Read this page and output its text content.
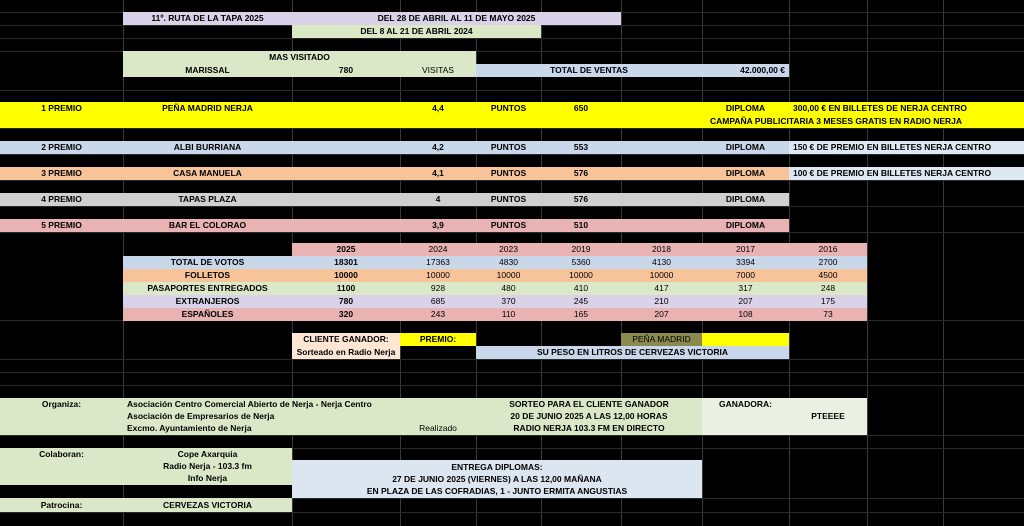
11º. RUTA DE LA TAPA 2025	DEL 28 DE ABRIL AL 11 DE MAYO 2025
DEL 8 AL 21 DE ABRIL 2024
MAS VISITADO
MARISSAL	780	VISITAS	TOTAL DE VENTAS	42.000,00 €
1 PREMIO	PEÑA MADRID NERJA	4,4	PUNTOS	650	DIPLOMA	300,00 € EN BILLETES DE NERJA CENTRO
CAMPAÑA PUBLICITARIA 3 MESES GRATIS EN RADIO NERJA
2 PREMIO	ALBI BURRIANA	4,2	PUNTOS	553	DIPLOMA	150 € DE PREMIO EN BILLETES NERJA CENTRO
3 PREMIO	CASA MANUELA	4,1	PUNTOS	576	DIPLOMA	100 € DE PREMIO EN BILLETES NERJA CENTRO
4 PREMIO	TAPAS PLAZA	4	PUNTOS	576	DIPLOMA
5 PREMIO	BAR EL COLORAO	3,9	PUNTOS	510	DIPLOMA
2025	2024	2023	2019	2018	2017	2016
TOTAL DE VOTOS	18301	17363	4830	5360	4130	3394	2700
FOLLETOS	10000	10000	10000	10000	10000	7000	4500
PASAPORTES ENTREGADOS	1100	928	480	410	417	317	248
EXTRANJEROS	780	685	370	245	210	207	175
ESPAÑOLES	320	243	110	165	207	108	73
CLIENTE GANADOR:	PREMIO:	PEÑA MADRID
Sorteado en Radio Nerja	SU PESO EN LITROS DE CERVEZAS VICTORIA
Organiza:	Asociación Centro Comercial Abierto de Nerja - Nerja Centro
Asociación de Empresarios de Nerja
Excmo. Ayuntamiento de Nerja	Realizado
SORTEO PARA EL CLIENTE GANADOR
20 DE JUNIO 2025 A LAS 12,00 HORAS
RADIO NERJA 103.3 FM EN DIRECTO
GANADORA:
PTEEEE
Colaboran:	Cope Axarquia
Radio Nerja - 103.3 fm
Info Nerja
ENTREGA DIPLOMAS:
27 DE JUNIO 2025 (VIERNES) A LAS 12,00 MAÑANA
EN PLAZA DE LAS COFRADIAS, 1 - JUNTO ERMITA ANGUSTIAS
Patrocina:	CERVEZAS VICTORIA
